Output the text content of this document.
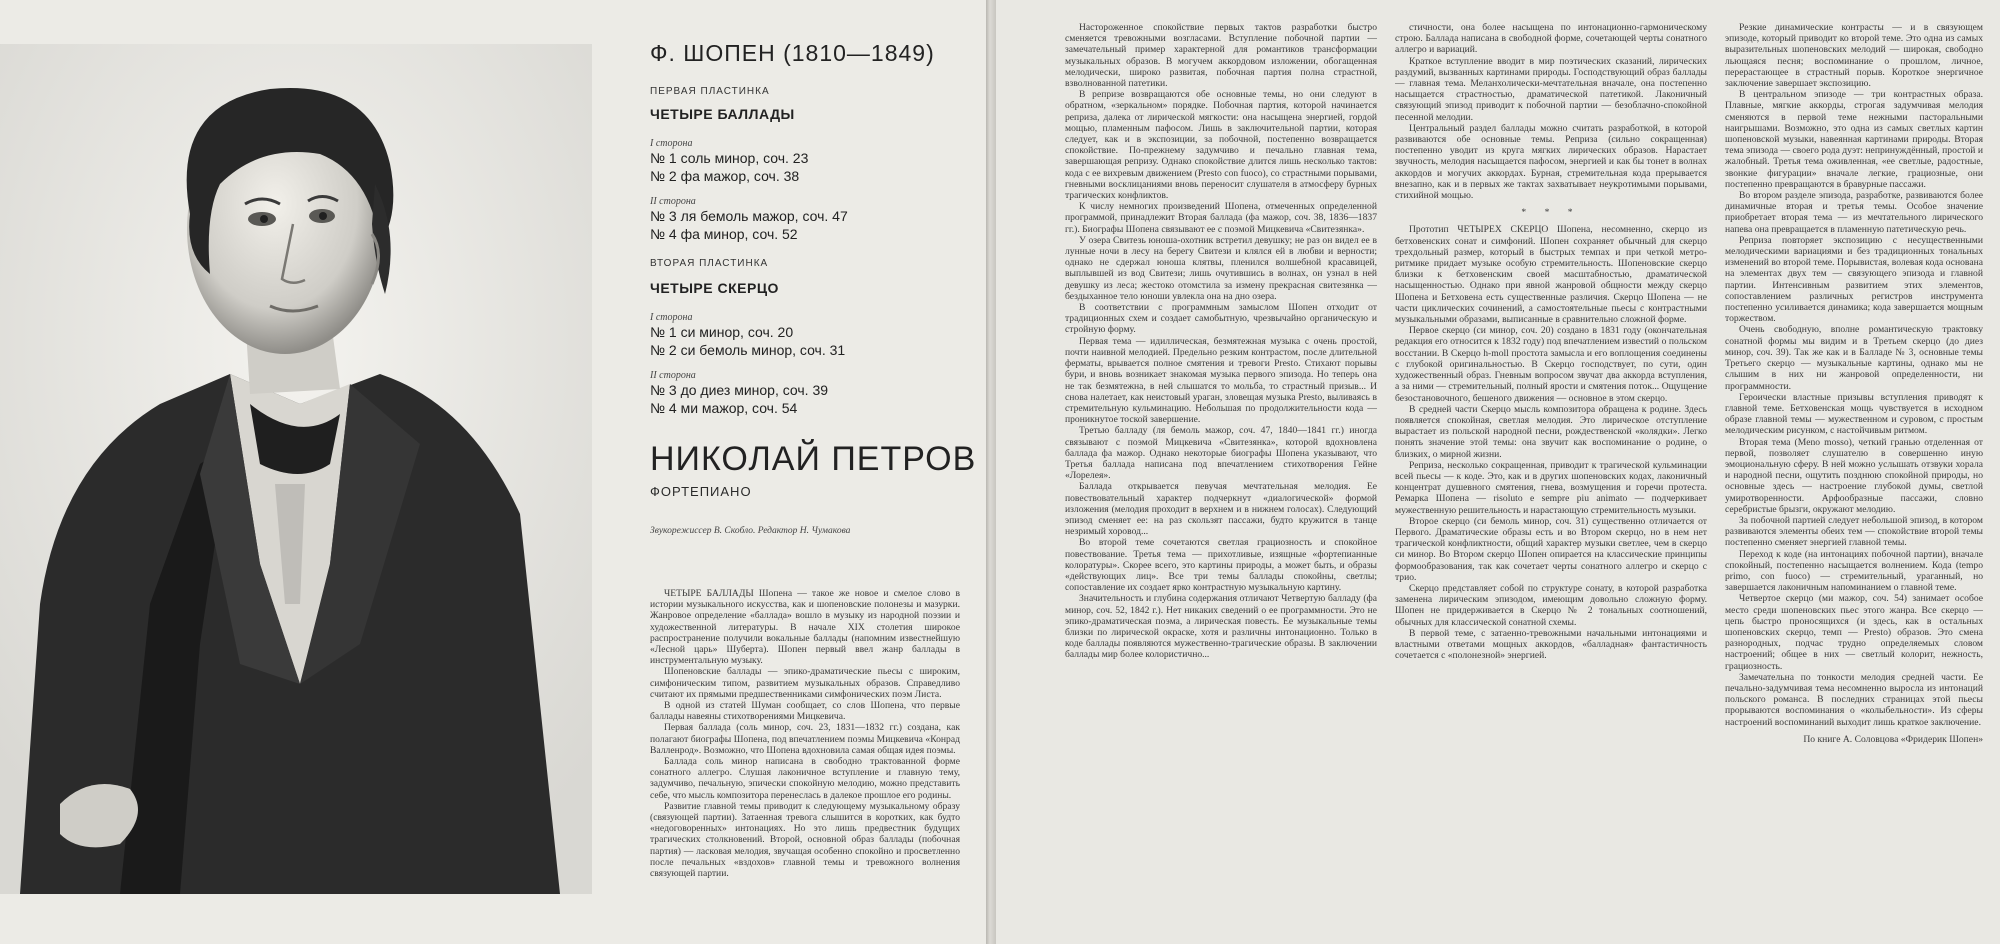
Ф. ШОПЕН (1810—1849)
ПЕРВАЯ ПЛАСТИНКА
ЧЕТЫРЕ БАЛЛАДЫ
I сторона
№ 1 соль минор, соч. 23
№ 2 фа мажор, соч. 38
II сторона
№ 3 ля бемоль мажор, соч. 47
№ 4 фа минор, соч. 52
ВТОРАЯ ПЛАСТИНКА
ЧЕТЫРЕ СКЕРЦО
I сторона
№ 1 си минор, соч. 20
№ 2 си бемоль минор, соч. 31
II сторона
№ 3 до диез минор, соч. 39
№ 4 ми мажор, соч. 54
НИКОЛАЙ ПЕТРОВ
ФОРТЕПИАНО
Звукорежиссер В. Скобло. Редактор Н. Чумакова

ЧЕТЫРЕ БАЛЛАДЫ Шопена — такое же новое и смелое слово в истории музыкального искусства, как и шопеновские полонезы и мазурки. Жанровое определение «баллада» вошло в музыку из народной поэзии и художественной литературы. В начале XIX столетия широкое распространение получили вокальные баллады (напомним известнейшую «Лесной царь» Шуберта). Шопен первый ввел жанр баллады в инструментальную музыку.

Шопеновские баллады — эпико-драматические пьесы с широким, симфоническим типом, развитием музыкальных образов. Справедливо считают их прямыми предшественниками симфонических поэм Листа.

В одной из статей Шуман сообщает, со слов Шопена, что первые баллады навеяны стихотворениями Мицкевича.

Первая баллада (соль минор, соч. 23, 1831—1832 гг.) создана, как полагают биографы Шопена, под впечатлением поэмы Мицкевича «Конрад Валленрод». Возможно, что Шопена вдохновила самая общая идея поэмы.

Баллада соль минор написана в свободно трактованной форме сонатного аллегро. Слушая лаконичное вступление и главную тему, задумчиво, печальную, эпически спокойную мелодию, можно представить себе, что мысль композитора перенеслась в далекое прошлое его родины.

Развитие главной темы приводит к следующему музыкальному образу (связующей партии). Затаенная тревога слышится в коротких, как будто «недоговоренных» интонациях. Но это лишь предвестник будущих трагических столкновений. Второй, основной образ баллады (побочная партия) — ласковая мелодия, звучащая особенно спокойно и просветленно после печальных «вздохов» главной темы и тревожного волнения связующей партии.

Настороженное спокойствие первых тактов разработки быстро сменяется тревожными возгласами. Вступление побочной партии — замечательный пример характерной для романтиков трансформации музыкальных образов. В могучем аккордовом изложении, обогащенная мелодически, широко развитая, побочная партия полна страстной, взволнованной патетики.

В репризе возвращаются обе основные темы, но они следуют в обратном, «зеркальном» порядке. Побочная партия, которой начинается реприза, далека от лирической мягкости: она насыщена энергией, гордой мощью, пламенным пафосом. Лишь в заключительной партии, которая следует, как и в экспозиции, за побочной, постепенно возвращается спокойствие. По-прежнему задумчиво и печально главная тема, завершающая репризу. Однако спокойствие длится лишь несколько тактов: кода с ее вихревым движением (Presto con fuoco), со страстными порывами, гневными восклицаниями вновь переносит слушателя в атмосферу бурных трагических конфликтов.

К числу немногих произведений Шопена, отмеченных определенной программой, принадлежит Вторая баллада (фа мажор, соч. 38, 1836—1837 гг.). Биографы Шопена связывают ее с поэмой Мицкевича «Свитезянка».

У озера Свитезь юноша-охотник встретил девушку; не раз он видел ее в лунные ночи в лесу на берегу Свитези и клялся ей в любви и верности; однако не сдержал юноша клятвы, пленился волшебной красавицей, выплывшей из вод Свитези; лишь очутившись в волнах, он узнал в ней девушку из леса; жестоко отомстила за измену прекрасная свитезянка — бездыханное тело юноши увлекла она на дно озера.

В соответствии с программным замыслом Шопен отходит от традиционных схем и создает самобытную, чрезвычайно органическую и стройную форму.

Первая тема — идиллическая, безмятежная музыка с очень простой, почти наивной мелодией. Предельно резким контрастом, после длительной ферматы, врывается полное смятения и тревоги Presto. Стихают порывы бури, и вновь возникает знакомая музыка первого эпизода. Но теперь она не так безмятежна, в ней слышатся то мольба, то страстный призыв... И снова налетает, как неистовый ураган, зловещая музыка Presto, выливаясь в стремительную кульминацию. Небольшая по продолжительности кода — проникнутое тоской завершение.

Третью балладу (ля бемоль мажор, соч. 47, 1840—1841 гг.) иногда связывают с поэмой Мицкевича «Свитезянка», которой вдохновлена баллада фа мажор. Однако некоторые биографы Шопена указывают, что Третья баллада написана под впечатлением стихотворения Гейне «Лорелея».

Баллада открывается певучая мечтательная мелодия. Ее повествовательный характер подчеркнут «диалогической» формой изложения (мелодия проходит в верхнем и в нижнем голосах). Следующий эпизод сменяет ее: на раз скользят пассажи, будто кружится в танце незримый хоровод...

Во второй теме сочетаются светлая грациозность и спокойное повествование. Третья тема — прихотливые, изящные «фортепианные колоратуры». Скорее всего, это картины природы, а может быть, и образы «действующих лиц». Все три темы баллады спокойны, светлы; сопоставление их создает ярко контрастную музыкальную картину.

Значительность и глубина содержания отличают Четвертую балладу (фа минор, соч. 52, 1842 г.). Нет никаких сведений о ее программности. Это не эпико-драматическая поэма, а лирическая повесть. Ее музыкальные темы близки по лирической окраске, хотя и различны интонационно. Только в коде баллады появляются мужественно-трагические образы. В заключении баллады мир более колористично...

стичности, она более насыщена по интонационно-гармоническому строю. Баллада написана в свободной форме, сочетающей черты сонатного аллегро и вариаций.

Краткое вступление вводит в мир поэтических сказаний, лирических раздумий, вызванных картинами природы. Господствующий образ баллады — главная тема. Меланхолически-мечтательная вначале, она постепенно насыщается страстностью, драматической патетикой. Лаконичный связующий эпизод приводит к побочной партии — безоблачно-спокойной песенной мелодии.

Центральный раздел баллады можно считать разработкой, в которой развиваются обе основные темы. Реприза (сильно сокращенная) постепенно уводит из круга мягких лирических образов. Нарастает звучность, мелодия насыщается пафосом, энергией и как бы тонет в волнах аккордов и могучих аккордах. Бурная, стремительная кода прерывается внезапно, как и в первых же тактах захватывает неукротимыми порывами, стихийной мощью.

* * *

Прототип ЧЕТЫРЕХ СКЕРЦО Шопена, несомненно, скерцо из бетховенских сонат и симфоний. Шопен сохраняет обычный для скерцо трехдольный размер, который в быстрых темпах и при четкой метро-ритмике придает музыке особую стремительность. Шопеновские скерцо близки к бетховенским своей масштабностью, драматической насыщенностью. Однако при явной жанровой общности между скерцо Шопена и Бетховена есть существенные различия. Скерцо Шопена — не части циклических сочинений, а самостоятельные пьесы с контрастными музыкальными образами, выписанные в сравнительно сложной форме.

Первое скерцо (си минор, соч. 20) создано в 1831 году (окончательная редакция его относится к 1832 году) под впечатлением известий о польском восстании. В Скерцо h-moll простота замысла и его воплощения соединены с глубокой оригинальностью. В Скерцо господствует, по сути, один художественный образ. Гневным вопросом звучат два аккорда вступления, а за ними — стремительный, полный ярости и смятения поток... Ощущение безостановочного, бешеного движения — основное в этом скерцо.

В средней части Скерцо мысль композитора обращена к родине. Здесь появляется спокойная, светлая мелодия. Это лирическое отступление вырастает из польской народной песни, рождественской «колядки». Легко понять значение этой темы: она звучит как воспоминание о родине, о близких, о мирной жизни.

Реприза, несколько сокращенная, приводит к трагической кульминации всей пьесы — к коде. Это, как и в других шопеновских кодах, лаконичный концентрат душевного смятения, гнева, возмущения и горечи протеста. Ремарка Шопена — risoluto e sempre piu animato — подчеркивает мужественную решительность и нарастающую стремительность музыки.

Второе скерцо (си бемоль минор, соч. 31) существенно отличается от Первого. Драматические образы есть и во Втором скерцо, но в нем нет трагической конфликтности, общий характер музыки светлее, чем в скерцо си минор. Во Втором скерцо Шопен опирается на классические принципы формообразования, так как сочетает черты сонатного аллегро и скерцо с трио.

Скерцо представляет собой по структуре сонату, в которой разработка заменена лирическим эпизодом, имеющим довольно сложную форму. Шопен не придерживается в Скерцо № 2 тональных соотношений, обычных для классической сонатной схемы.

В первой теме, с затаенно-тревожными начальными интонациями и властными ответами мощных аккордов, «балладная» фантастичность сочетается с «полонезной» энергией.

Резкие динамические контрасты — и в связующем эпизоде, который приводит ко второй теме. Это одна из самых выразительных шопеновских мелодий — широкая, свободно льющаяся песня; воспоминание о прошлом, личное, перерастающее в страстный порыв. Короткое энергичное заключение завершает экспозицию.

В центральном эпизоде — три контрастных образа. Плавные, мягкие аккорды, строгая задумчивая мелодия сменяются в первой теме нежными пасторальными наигрышами. Возможно, это одна из самых светлых картин шопеновской музыки, навеянная картинами природы. Вторая тема эпизода — своего рода дуэт: непринуждённый, простой и жалобный. Третья тема оживленная, «ее светлые, радостные, звонкие фигурации» вначале легкие, грациозные, они постепенно превращаются в бравурные пассажи.

Во втором разделе эпизода, разработке, развиваются более динамичные вторая и третья темы. Особое значение приобретает вторая тема — из мечтательного лирического напева она превращается в пламенную патетическую речь.

Реприза повторяет экспозицию с несущественными мелодическими вариациями и без традиционных тональных изменений во второй теме. Порывистая, волевая кода основана на элементах двух тем — связующего эпизода и главной партии. Интенсивным развитием этих элементов, сопоставлением различных регистров инструмента постепенно усиливается динамика; кода завершается мощным торжеством.

Очень свободную, вполне романтическую трактовку сонатной формы мы видим и в Третьем скерцо (до диез минор, соч. 39). Так же как и в Балладе № 3, основные темы Третьего скерцо — музыкальные картины, однако мы не слышим в них ни жанровой определенности, ни программности.

Героически властные призывы вступления приводят к главной теме. Бетховенская мощь чувствуется в исходном образе главной темы — мужественном и суровом, с простым мелодическим рисунком, с настойчивым ритмом.

Вторая тема (Meno mosso), четкий гранью отделенная от первой, позволяет слушателю в совершенно иную эмоциональную сферу. В ней можно услышать отзвуки хорала и народной песни, ощутить позднюю спокойной природы, но основные здесь — настроение глубокой думы, светлой умиротворенности. Арфообразные пассажи, словно серебристые брызги, окружают мелодию.

За побочной партией следует небольшой эпизод, в котором развиваются элементы обеих тем — спокойствие второй темы постепенно сменяет энергией главной темы.

Переход к коде (на интонациях побочной партии), вначале спокойный, постепенно насыщается волнением. Кода (tempo primo, con fuoco) — стремительный, ураганный, но завершается лаконичным напоминанием о главной теме.

Четвертое скерцо (ми мажор, соч. 54) занимает особое место среди шопеновских пьес этого жанра. Все скерцо — цепь быстро проносящихся (и здесь, как в остальных шопеновских скерцо, темп — Presto) образов. Это смена разнородных, подчас трудно определяемых словом настроений; общее в них — светлый колорит, нежность, грациозность.

Замечательна по тонкости мелодия средней части. Ее печально-задумчивая тема несомненно выросла из интонаций польского романса. В последних страницах этой пьесы прорываются воспоминания о «колыбельности». Из сферы настроений воспоминаний выходит лишь краткое заключение.

По книге А. Соловцова «Фридерик Шопен»
